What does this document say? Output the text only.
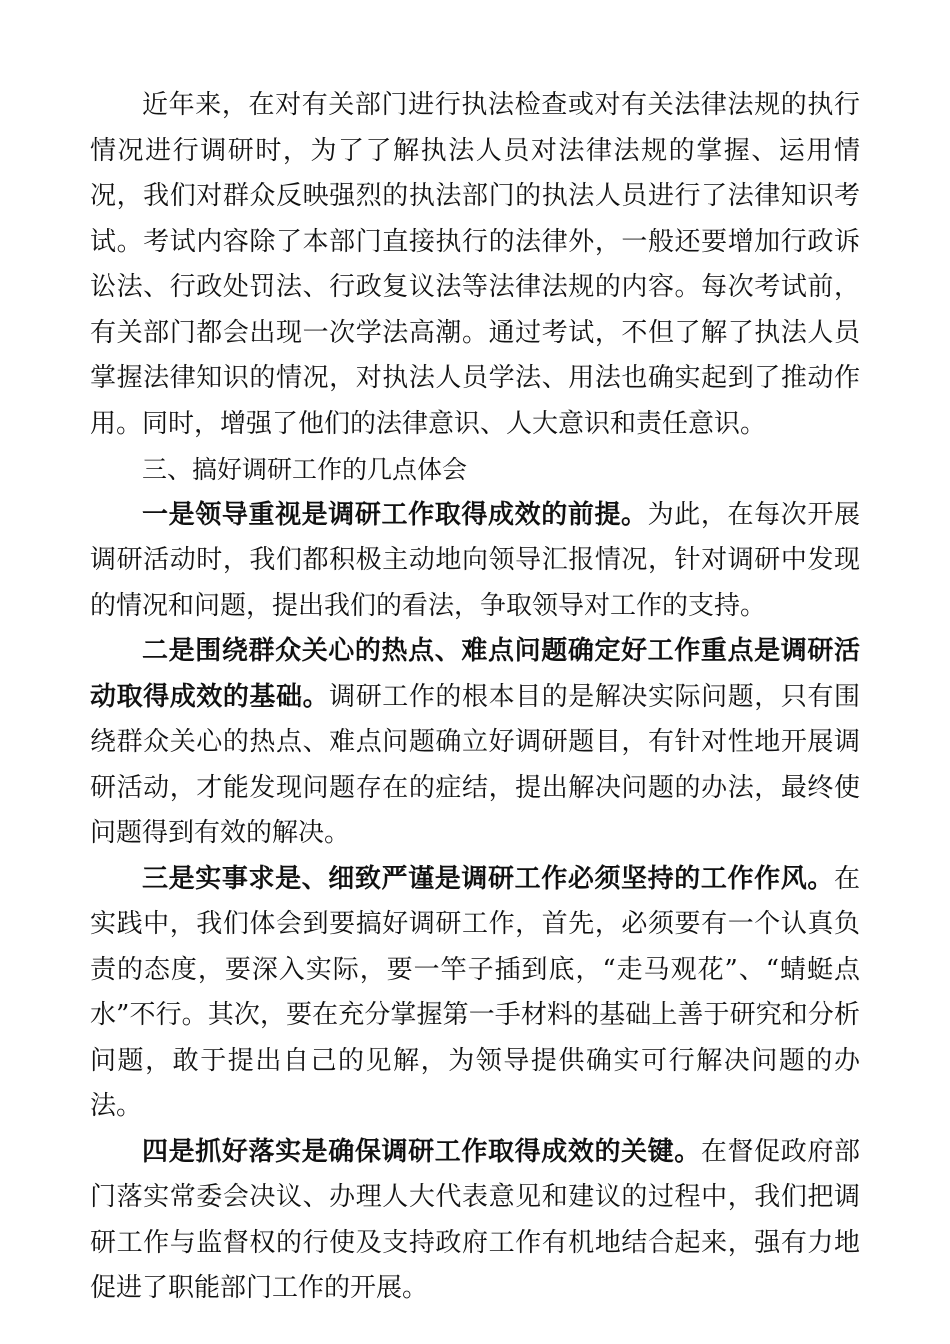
近年来，在对有关部门进行执法检查或对有关法律法规的执行情况进行调研时，为了了解执法人员对法律法规的掌握、运用情况，我们对群众反映强烈的执法部门的执法人员进行了法律知识考试。考试内容除了本部门直接执行的法律外，一般还要增加行政诉讼法、行政处罚法、行政复议法等法律法规的内容。每次考试前，有关部门都会出现一次学法高潮。通过考试，不但了解了执法人员掌握法律知识的情况，对执法人员学法、用法也确实起到了推动作用。同时，增强了他们的法律意识、人大意识和责任意识。

三、搞好调研工作的几点体会

一是领导重视是调研工作取得成效的前提。为此，在每次开展调研活动时，我们都积极主动地向领导汇报情况，针对调研中发现的情况和问题，提出我们的看法，争取领导对工作的支持。

二是围绕群众关心的热点、难点问题确定好工作重点是调研活动取得成效的基础。调研工作的根本目的是解决实际问题，只有围绕群众关心的热点、难点问题确立好调研题目，有针对性地开展调研活动，才能发现问题存在的症结，提出解决问题的办法，最终使问题得到有效的解决。

三是实事求是、细致严谨是调研工作必须坚持的工作作风。在实践中，我们体会到要搞好调研工作，首先，必须要有一个认真负责的态度，要深入实际，要一竿子插到底，“走马观花”、“蜻蜓点水”不行。其次，要在充分掌握第一手材料的基础上善于研究和分析问题，敢于提出自己的见解，为领导提供确实可行解决问题的办法。

四是抓好落实是确保调研工作取得成效的关键。在督促政府部门落实常委会决议、办理人大代表意见和建议的过程中，我们把调研工作与监督权的行使及支持政府工作有机地结合起来，强有力地促进了职能部门工作的开展。
